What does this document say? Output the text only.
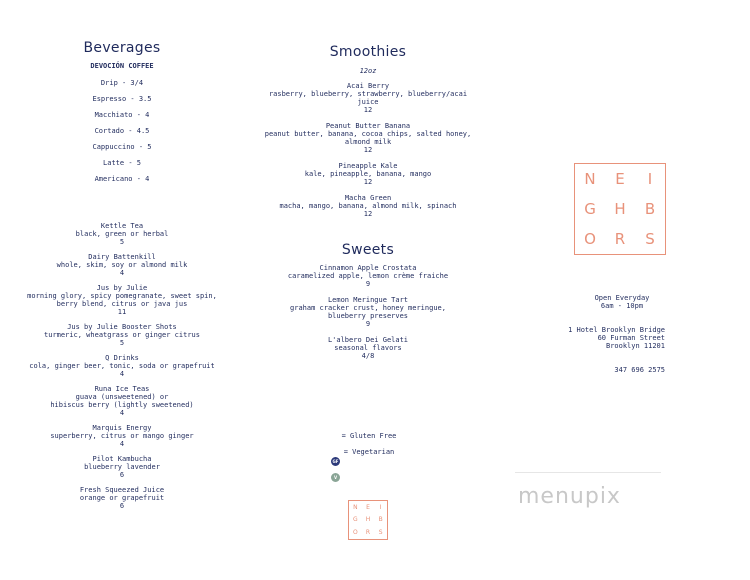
Beverages
DEVOCIÓN COFFEE
Drip - 3/4
Espresso - 3.5
Macchiato - 4
Cortado - 4.5
Cappuccino - 5
Latte - 5
Americano - 4
Kettle Tea
black, green or herbal
5
Dairy Battenkill
whole, skim, soy or almond milk
4
Jus by Julie
morning glory, spicy pomegranate, sweet spin,
berry blend, citrus or java jus
11
Jus by Julie Booster Shots
turmeric, wheatgrass or ginger citrus
5
Q Drinks
cola, ginger beer, tonic, soda or grapefruit
4
Runa Ice Teas
guava (unsweetened) or
hibiscus berry (lightly sweetened)
4
Marquis Energy
superberry, citrus or mango ginger
4
Pilot Kambucha
blueberry lavender
6
Fresh Squeezed Juice
orange or grapefruit
6
Smoothies
12oz
Acai Berry
rasberry, blueberry, strawberry, blueberry/acai
juice
12
Peanut Butter Banana
peanut butter, banana, cocoa chips, salted honey,
almond milk
12
Pineapple Kale
kale, pineapple, banana, mango
12
Macha Green
macha, mango, banana, almond milk, spinach
12
Sweets
Cinnamon Apple Crostata
caramelized apple, lemon crème fraiche
9
Lemon Meringue Tart
graham cracker crust, honey meringue,
blueberry preserves
9
L'albero Dei Gelati
seasonal flavors
4/8
= Gluten Free
= Vegetarian
GF
V
N	E	I
G	H	B
O	R	S
N	E	I
G	H	B
O	R	S
Open Everyday
6am - 10pm
1 Hotel Brooklyn Bridge
60 Furman Street
Brooklyn 11201
347 696 2575
menupix
